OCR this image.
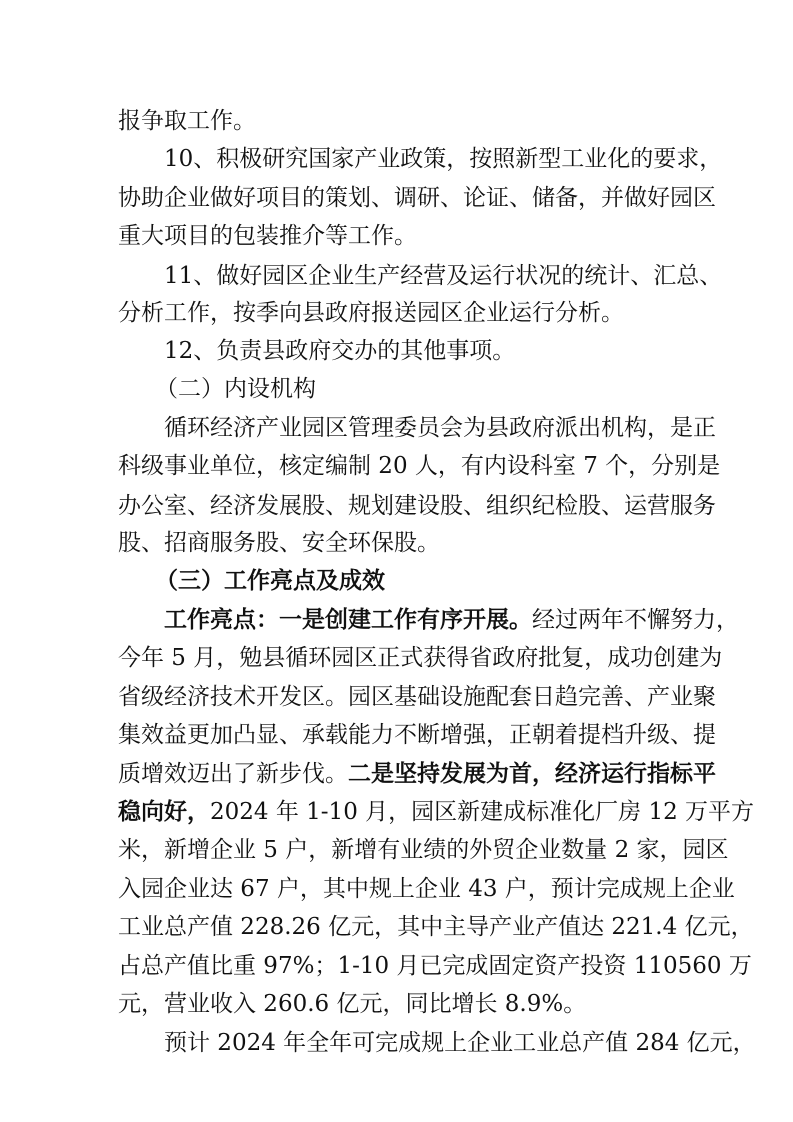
报争取工作。
10、积极研究国家产业政策，按照新型工业化的要求，
协助企业做好项目的策划、调研、论证、储备，并做好园区
重大项目的包装推介等工作。
11、做好园区企业生产经营及运行状况的统计、汇总、
分析工作，按季向县政府报送园区企业运行分析。
12、负责县政府交办的其他事项。
（二）内设机构
循环经济产业园区管理委员会为县政府派出机构，是正
科级事业单位，核定编制 20 人，有内设科室 7 个，分别是
办公室、经济发展股、规划建设股、组织纪检股、运营服务
股、招商服务股、安全环保股。
（三）工作亮点及成效
工作亮点：一是创建工作有序开展。经过两年不懈努力，
今年 5 月，勉县循环园区正式获得省政府批复，成功创建为
省级经济技术开发区。园区基础设施配套日趋完善、产业聚
集效益更加凸显、承载能力不断增强，正朝着提档升级、提
质增效迈出了新步伐。二是坚持发展为首，经济运行指标平
稳向好，2024 年 1-10 月，园区新建成标准化厂房 12 万平方
米，新增企业 5 户，新增有业绩的外贸企业数量 2 家，园区
入园企业达 67 户，其中规上企业 43 户，预计完成规上企业
工业总产值 228.26 亿元，其中主导产业产值达 221.4 亿元，
占总产值比重 97%；1-10 月已完成固定资产投资 110560 万
元，营业收入 260.6 亿元，同比增长 8.9%。
预计 2024 年全年可完成规上企业工业总产值 284 亿元，
